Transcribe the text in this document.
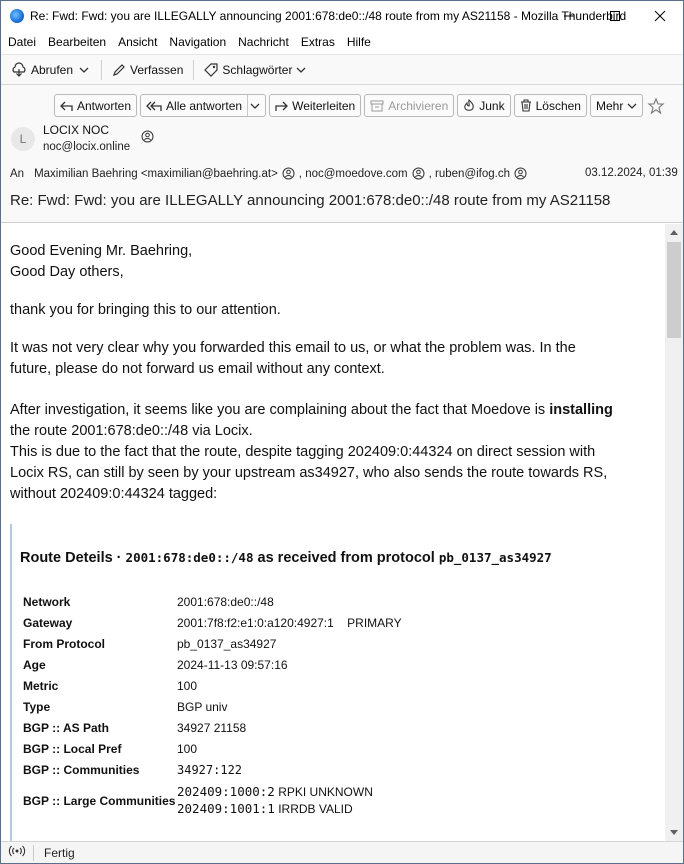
Re: Fwd: Fwd: you are ILLEGALLY announcing 2001:678:de0::/48 route from my AS21158 - Mozilla Thunderbird
Datei Bearbeiten Ansicht Navigation Nachricht Extras Hilfe
Abrufen	Verfassen	Schlagwörter
Antworten	Alle antworten	Weiterleiten	Archivieren	Junk	Löschen Mehr
L
LOCIX NOC
noc@locix.online
An Maximilian Baehring <maximilian@baehring.at> , noc@moedove.com , ruben@ifog.ch	03.12.2024, 01:39
Re: Fwd: Fwd: you are ILLEGALLY announcing 2001:678:de0::/48 route from my AS21158
Good Evening Mr. Baehring,
Good Day others,
thank you for bringing this to our attention.
It was not very clear why you forwarded this email to us, or what the problem was. In the
future, please do not forward us email without any context.
After investigation, it seems like you are complaining about the fact that Moedove is installing
the route 2001:678:de0::/48 via Locix.
This is due to the fact that the route, despite tagging 202409:0:44324 on direct session with
Locix RS, can still by seen by your upstream as34927, who also sends the route towards RS,
without 202409:0:44324 tagged:
Route Deteils · 2001:678:de0::/48 as received from protocol pb_0137_as34927
Network	2001:678:de0::/48
Gateway	2001:7f8:f2:e1:0:a120:4927:1    PRIMARY
From Protocol	pb_0137_as34927
Age	2024-11-13 09:57:16
Metric	100
Type	BGP univ
BGP :: AS Path	34927 21158
BGP :: Local Pref	100
BGP :: Communities	34927:122
BGP :: Large Communities
202409:1000:2 RPKI UNKNOWN
202409:1001:1 IRRDB VALID
Fertig
